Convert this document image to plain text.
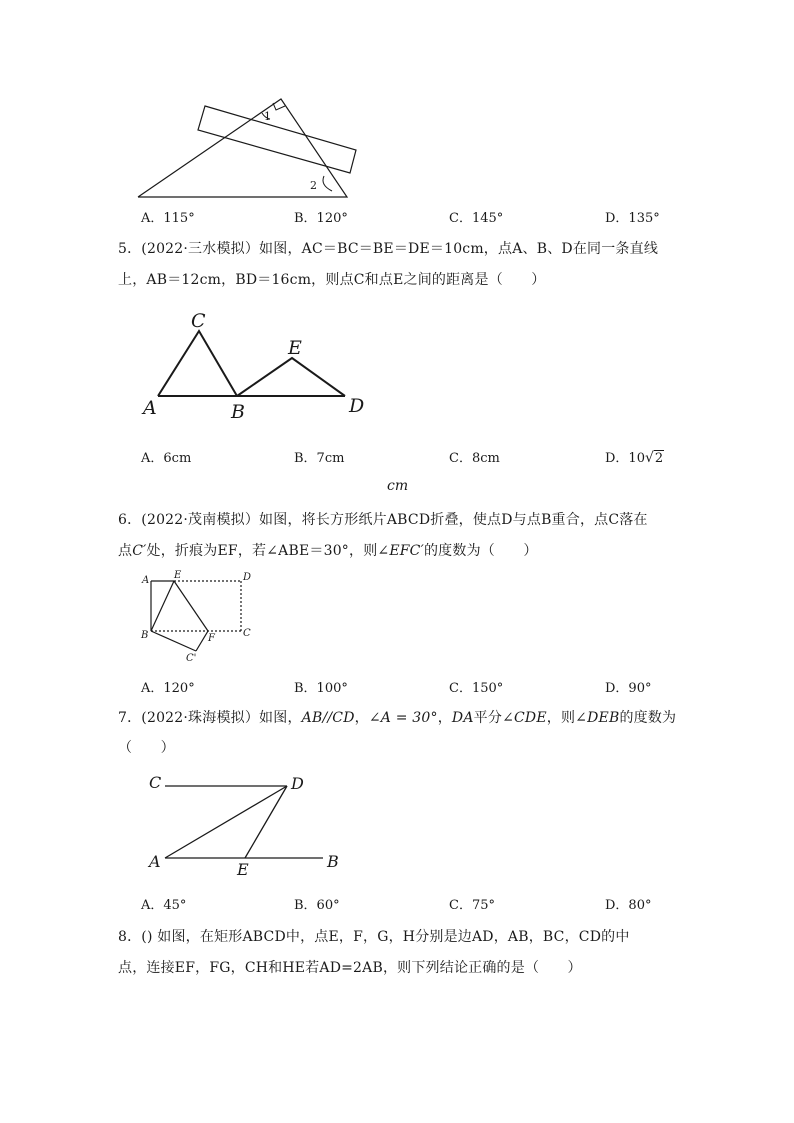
1
2
A．115°	B．120°	C．145°	D．135°
5．(2022·三水模拟）如图，AC＝BC＝BE＝DE＝10cm，点A、B、D在同一条直线
上，AB＝12cm，BD＝16cm，则点C和点E之间的距离是（　　）
C
E
A	B	D
A．6cm	B．7cm	C．8cm	D．10√2
cm
6．(2022·茂南模拟）如图，将长方形纸片ABCD折叠，使点D与点B重合，点C落在
点C′处，折痕为EF，若∠ABE＝30°，则∠EFC′的度数为（　　）
A E	D
B	F	C
C'
A．120°	B．100°	C．150°	D．90°
7．(2022·珠海模拟）如图，AB//CD，∠A = 30°，DA平分∠CDE，则∠DEB的度数为
（　　）
C	D
A	E	B
A．45°	B．60°	C．75°	D．80°
8．() 如图，在矩形ABCD中，点E，F，G，H分别是边AD，AB，BC，CD的中
点，连接EF，FG，CH和HE若AD=2AB，则下列结论正确的是（　　）
